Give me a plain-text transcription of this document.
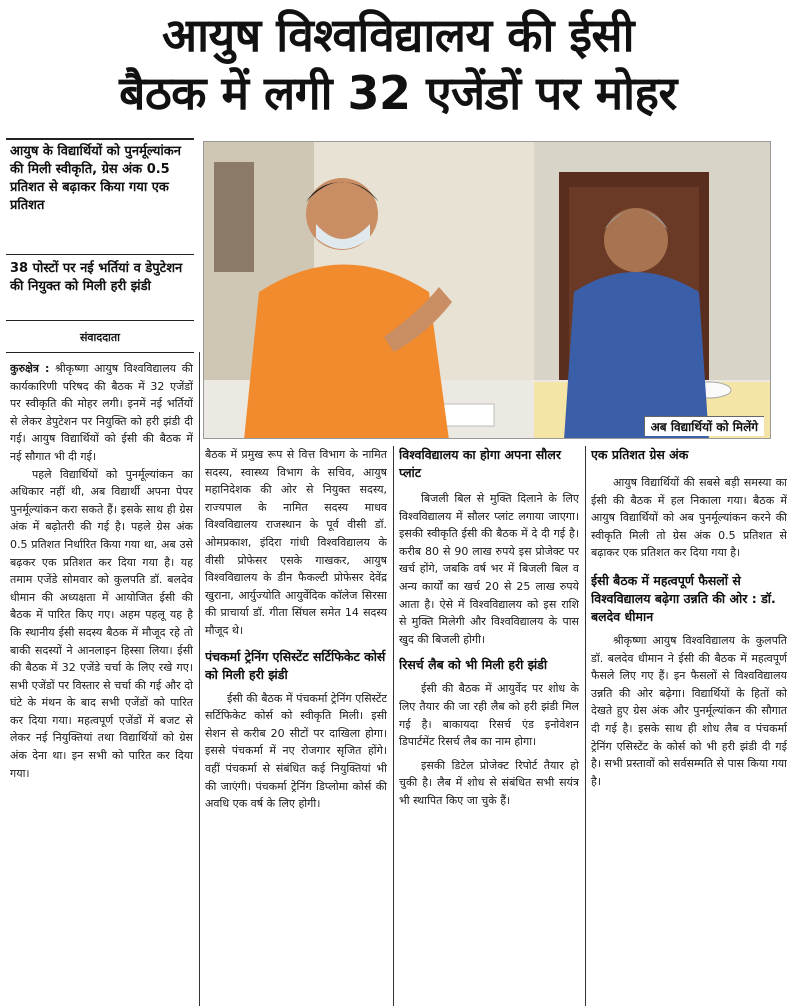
आयुष विश्वविद्यालय की ईसी
बैठक में लगी 32 एजेंडों पर मोहर
आयुष के विद्यार्थियों को पुनर्मूल्यांकन की मिली स्वीकृति, ग्रेस अंक 0.5 प्रतिशत से बढ़ाकर किया गया एक प्रतिशत
38 पोस्टों पर नई भर्तियां व डेपुटेशन की नियुक्त को मिली हरी झंडी
संवाददाता
अब विद्यार्थियों को मिलेंगे

कुरुक्षेत्र : श्रीकृष्णा आयुष विश्वविद्यालय की कार्यकारिणी परिषद की बैठक में 32 एजेंडों पर स्वीकृति की मोहर लगी। इनमें नई भर्तियों से लेकर डेपुटेशन पर नियुक्ति को हरी झंडी दी गई। आयुष विद्यार्थियों को ईसी की बैठक में नई सौगात भी दी गई।

पहले विद्यार्थियों को पुनर्मूल्यांकन का अधिकार नहीं थी, अब विद्यार्थी अपना पेपर पुनर्मूल्यांकन करा सकते हैं। इसके साथ ही ग्रेस अंक में बढ़ोतरी की गई है। पहले ग्रेस अंक 0.5 प्रतिशत निर्धारित किया गया था, अब उसे बढ़कर एक प्रतिशत कर दिया गया है। यह तमाम एजेंडे सोमवार को कुलपति डॉ. बलदेव धीमान की अध्यक्षता में आयोजित ईसी की बैठक में पारित किए गए। अहम पहलू यह है कि स्थानीय ईसी सदस्य बैठक में मौजूद रहे तो बाकी सदस्यों ने आनलाइन हिस्सा लिया। ईसी की बैठक में 32 एजेंडे चर्चा के लिए रखे गए। सभी एजेंडों पर विस्तार से चर्चा की गई और दो घंटे के मंथन के बाद सभी एजेंडों को पारित कर दिया गया। महत्वपूर्ण एजेंडों में बजट से लेकर नई नियुक्तियां तथा विद्यार्थियों को ग्रेस अंक देना था। इन सभी को पारित कर दिया गया।

बैठक में प्रमुख रूप से वित्त विभाग के नामित सदस्य, स्वास्थ्य विभाग के सचिव, आयुष महानिदेशक की ओर से नियुक्त सदस्य, राज्यपाल के नामित सदस्य माधव विश्वविद्यालय राजस्थान के पूर्व वीसी डॉ. ओमप्रकाश, इंदिरा गांधी विश्वविद्यालय के वीसी प्रोफेसर एसके गाखकर, आयुष विश्वविद्यालय के डीन फैकल्टी प्रोफेसर देवेंद्र खुराना, आर्युज्योति आयुर्वेदिक कॉलेज सिरसा की प्राचार्या डॉ. गीता सिंघल समेत 14 सदस्य मौजूद थे।

पंचकर्मा ट्रेनिंग एसिस्टेंट सर्टिफिकेट कोर्स को मिली हरी झंडी

ईसी की बैठक में पंचकर्मा ट्रेनिंग एसिस्टेंट सर्टिफिकेट कोर्स को स्वीकृति मिली। इसी सेशन से करीब 20 सीटों पर दाखिला होगा। इससे पंचकर्मा में नए रोजगार सृजित होंगे। वहीं पंचकर्मा से संबंधित कई नियुक्तियां भी की जाएंगी। पंचकर्मा ट्रेनिंग डिप्लोमा कोर्स की अवधि एक वर्ष के लिए होगी।

विश्वविद्यालय का होगा अपना सौलर प्लांट

बिजली बिल से मुक्ति दिलाने के लिए विश्वविद्यालय में सौलर प्लांट लगाया जाएगा। इसकी स्वीकृति ईसी की बैठक में दे दी गई है। करीब 80 से 90 लाख रुपये इस प्रोजेक्ट पर खर्च होंगे, जबकि वर्ष भर में बिजली बिल व अन्य कार्यों का खर्च 20 से 25 लाख रुपये आता है। ऐसे में विश्वविद्यालय को इस राशि से मुक्ति मिलेगी और विश्वविद्यालय के पास खुद की बिजली होगी।

रिसर्च लैब को भी मिली हरी झंडी

ईसी की बैठक में आयुर्वेद पर शोध के लिए तैयार की जा रही लैब को हरी झंडी मिल गई है। बाकायदा रिसर्च एंड इनोवेशन डिपार्टमेंट रिसर्च लैब का नाम होगा।

इसकी डिटेल प्रोजेक्ट रिपोर्ट तैयार हो चुकी है। लैब में शोध से संबंधित सभी सयंत्र भी स्थापित किए जा चुके हैं।

एक प्रतिशत ग्रेस अंक

आयुष विद्यार्थियों की सबसे बड़ी समस्या का ईसी की बैठक में हल निकाला गया। बैठक में आयुष विद्यार्थियों को अब पुनर्मूल्यांकन करने की स्वीकृति मिली तो ग्रेस अंक 0.5 प्रतिशत से बढ़ाकर एक प्रतिशत कर दिया गया है।

ईसी बैठक में महत्वपूर्ण फैसलों से विश्वविद्यालय बढ़ेगा उन्नति की ओर : डॉ. बलदेव धीमान

श्रीकृष्णा आयुष विश्वविद्यालय के कुलपति डॉ. बलदेव धीमान ने ईसी की बैठक में महत्वपूर्ण फैसले लिए गए हैं। इन फैसलों से विश्वविद्यालय उन्नति की ओर बढ़ेगा। विद्यार्थियों के हितों को देखते हुए ग्रेस अंक और पुनर्मूल्यांकन की सौगात दी गई है। इसके साथ ही शोध लैब व पंचकर्मा ट्रेनिंग एसिस्टेंट के कोर्स को भी हरी झंडी दी गई है। सभी प्रस्तावों को सर्वसम्मति से पास किया गया है।
